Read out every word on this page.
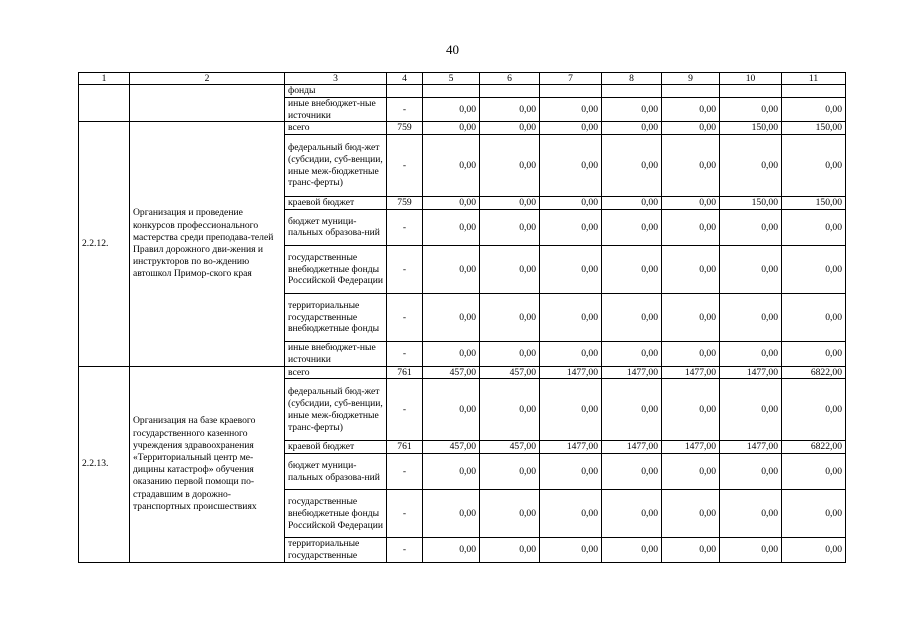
40
1	2	3	4	5	6	7	8	9	10	11
		фонды								
		иные внебюджет-ные источники	-	0,00	0,00	0,00	0,00	0,00	0,00	0,00
2.2.12.	Организация и проведение конкурсов профессионального мастерства среди преподава-телей Правил дорожного дви-жения и инструкторов по во-ждению автошкол Примор-ского края	всего	759	0,00	0,00	0,00	0,00	0,00	150,00	150,00
		федеральный бюд-жет (субсидии, суб-венции, иные меж-бюджетные транс-ферты)	-	0,00	0,00	0,00	0,00	0,00	0,00	0,00
		краевой бюджет	759	0,00	0,00	0,00	0,00	0,00	150,00	150,00
		бюджет муници-пальных образова-ний	-	0,00	0,00	0,00	0,00	0,00	0,00	0,00
		государственные внебюджетные фонды Российской Федерации	-	0,00	0,00	0,00	0,00	0,00	0,00	0,00
		территориальные государственные внебюджетные фонды	-	0,00	0,00	0,00	0,00	0,00	0,00	0,00
		иные внебюджет-ные источники	-	0,00	0,00	0,00	0,00	0,00	0,00	0,00
2.2.13.	Организация на базе краевого государственного казенного учреждения здравоохранения «Территориальный центр ме-дицины катастроф» обучения оказанию первой помощи по-страдавшим в дорожно-транспортных происшествиях	всего	761	457,00	457,00	1477,00	1477,00	1477,00	1477,00	6822,00
		федеральный бюд-жет (субсидии, суб-венции, иные меж-бюджетные транс-ферты)	-	0,00	0,00	0,00	0,00	0,00	0,00	0,00
		краевой бюджет	761	457,00	457,00	1477,00	1477,00	1477,00	1477,00	6822,00
		бюджет муници-пальных образова-ний	-	0,00	0,00	0,00	0,00	0,00	0,00	0,00
		государственные внебюджетные фонды Российской Федерации	-	0,00	0,00	0,00	0,00	0,00	0,00	0,00
		территориальные государственные	-	0,00	0,00	0,00	0,00	0,00	0,00	0,00
